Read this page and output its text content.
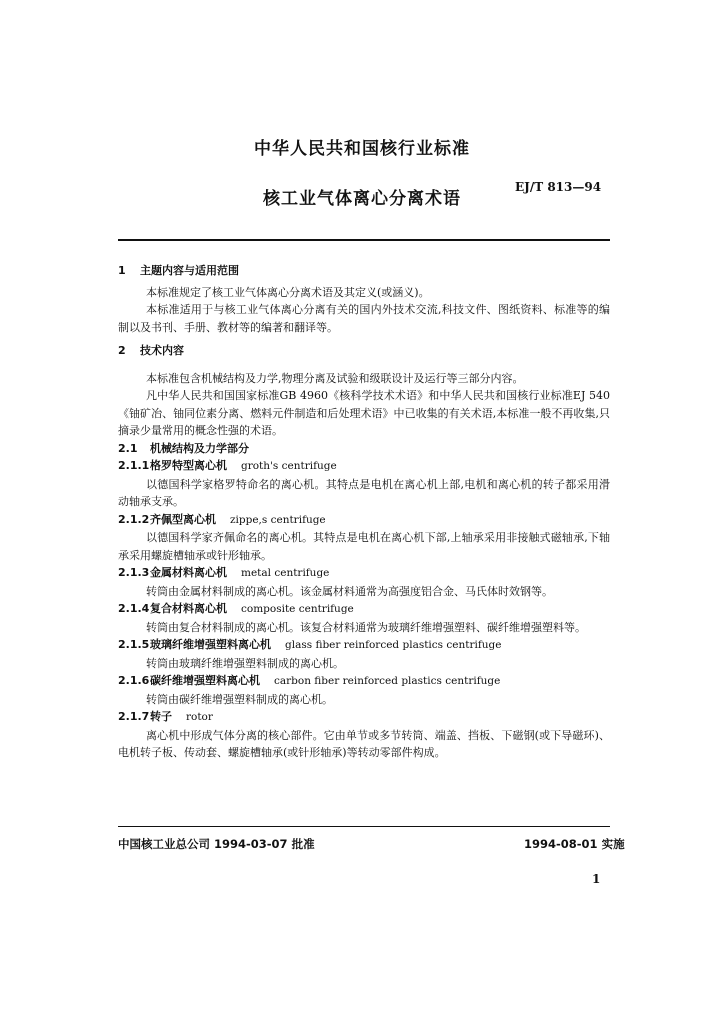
中华人民共和国核行业标准
核工业气体离心分离术语
EJ/T 813—94
1	主题内容与适用范围
本标准规定了核工业气体离心分离术语及其定义(或涵义)。
本标准适用于与核工业气体离心分离有关的国内外技术交流,科技文件、图纸资料、标准等的编制以及书刊、手册、教材等的编著和翻译等。
2	技术内容
本标准包含机械结构及力学,物理分离及试验和级联设计及运行等三部分内容。
凡中华人民共和国国家标准GB 4960《核科学技术术语》和中华人民共和国核行业标准EJ 540《铀矿冶、铀同位素分离、燃料元件制造和后处理术语》中已收集的有关术语,本标准一般不再收集,只摘录少量常用的概念性强的术语。
2.1	机械结构及力学部分
2.1.1 格罗特型离心机 groth's centrifuge
以德国科学家格罗特命名的离心机。其特点是电机在离心机上部,电机和离心机的转子都采用滑动轴承支承。
2.1.2 齐佩型离心机 zippe,s centrifuge
以德国科学家齐佩命名的离心机。其特点是电机在离心机下部,上轴承采用非接触式磁轴承,下轴承采用螺旋槽轴承或针形轴承。
2.1.3 金属材料离心机 metal centrifuge
转筒由金属材料制成的离心机。该金属材料通常为高强度铝合金、马氏体时效钢等。
2.1.4 复合材料离心机 composite centrifuge
转筒由复合材料制成的离心机。该复合材料通常为玻璃纤维增强塑料、碳纤维增强塑料等。
2.1.5 玻璃纤维增强塑料离心机 glass fiber reinforced plastics centrifuge
转筒由玻璃纤维增强塑料制成的离心机。
2.1.6 碳纤维增强塑料离心机 carbon fiber reinforced plastics centrifuge
转筒由碳纤维增强塑料制成的离心机。
2.1.7 转子 rotor
离心机中形成气体分离的核心部件。它由单节或多节转筒、端盖、挡板、下磁钢(或下导磁环)、电机转子板、传动套、螺旋槽轴承(或针形轴承)等转动零部件构成。
中国核工业总公司 1994-03-07 批准	1994-08-01 实施
1
